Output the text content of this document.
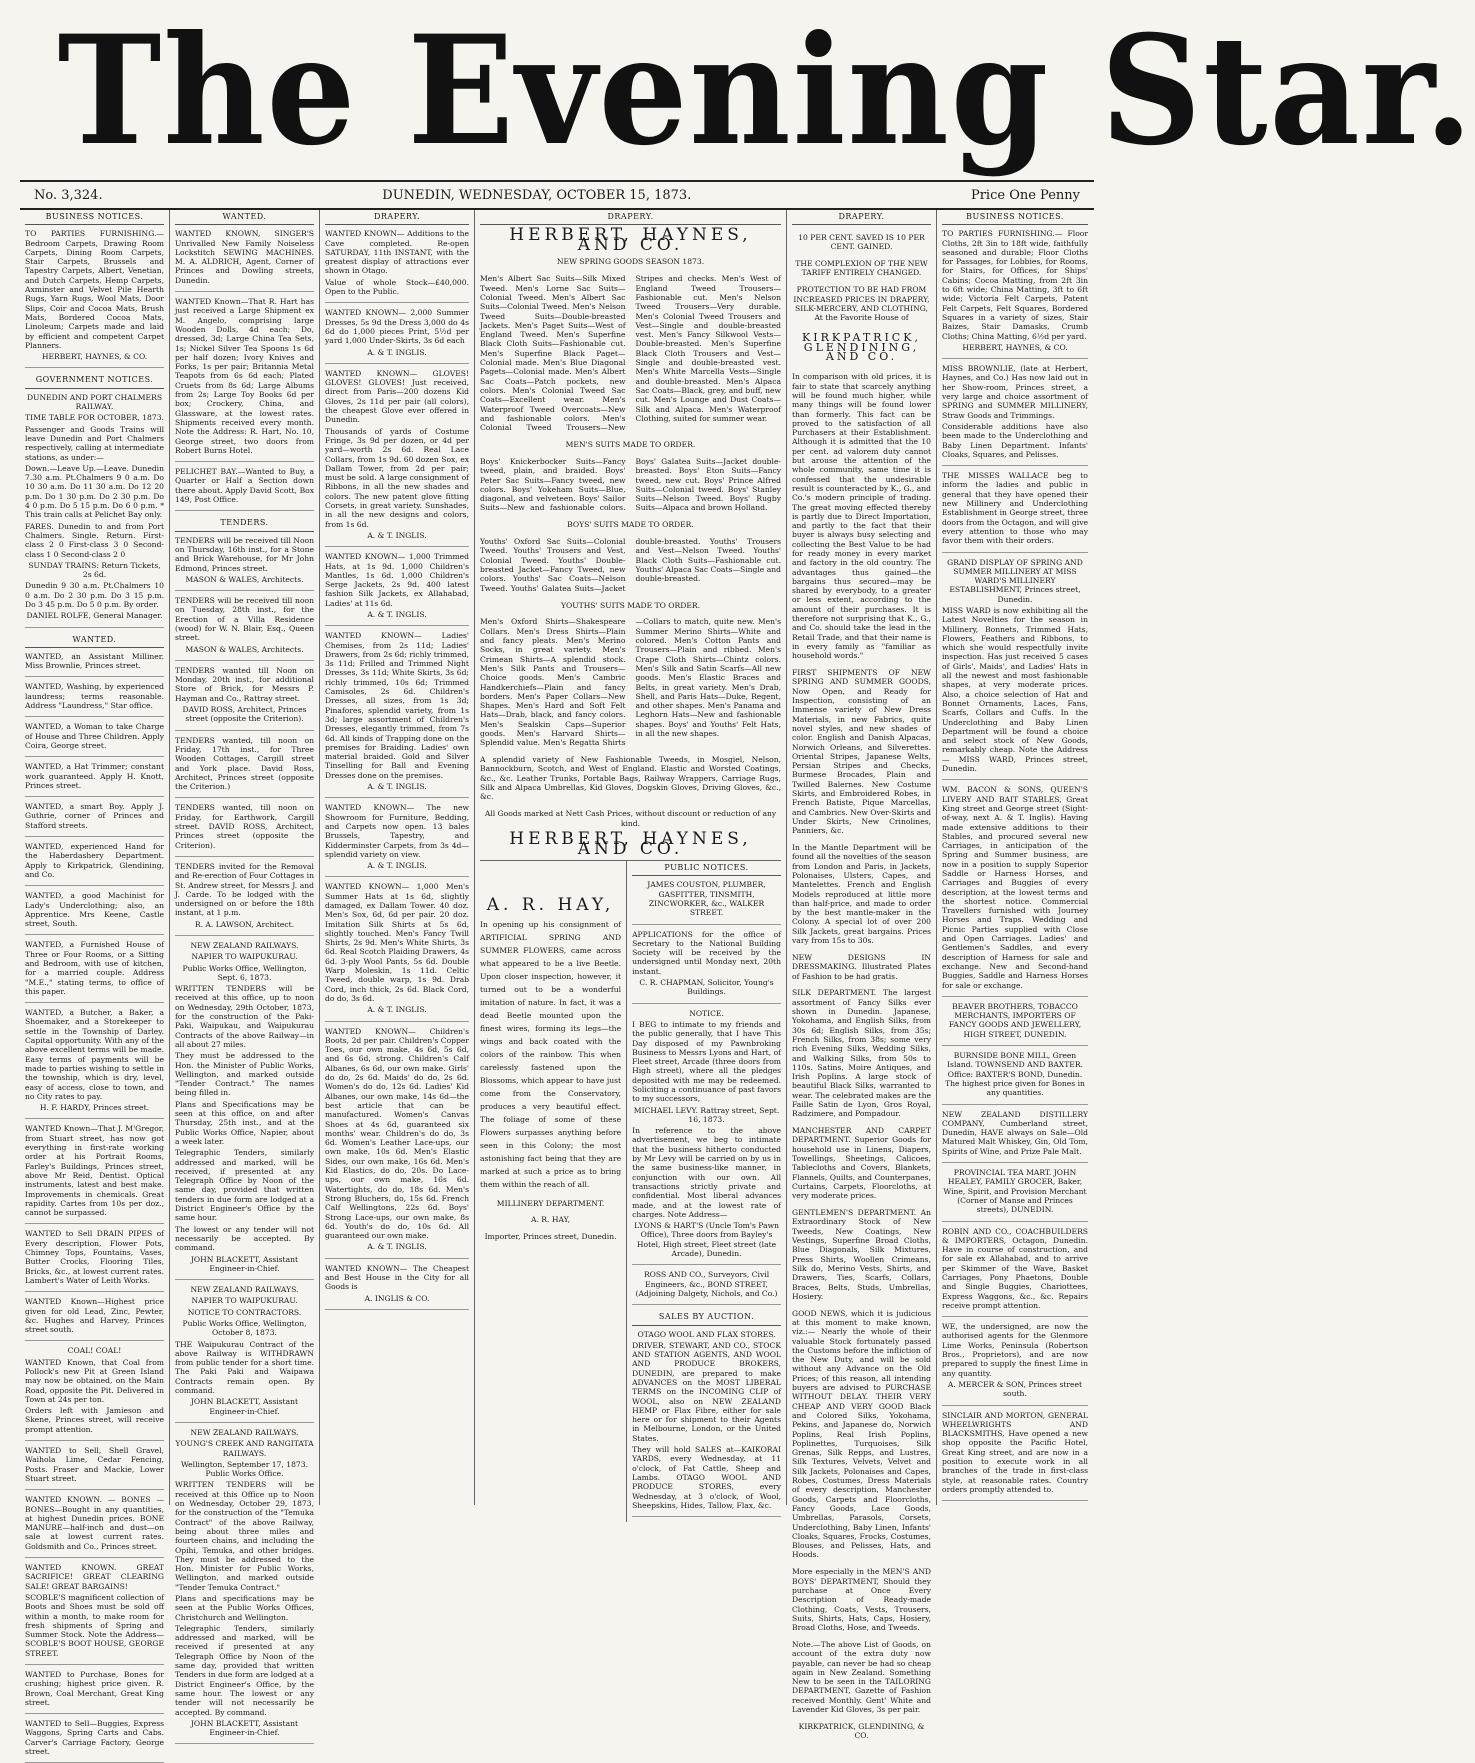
The Evening Star.
No. 3,324.	DUNEDIN, WEDNESDAY, OCTOBER 15, 1873.	Price One Penny
BUSINESS NOTICES.

TO PARTIES FURNISHING.— Bedroom Carpets, Drawing Room Carpets, Dining Room Carpets, Stair Carpets, Brussels and Tapestry Carpets, Albert, Venetian, and Dutch Carpets, Hemp Carpets, Axminster and Velvet Pile Hearth Rugs, Yarn Rugs, Wool Mats, Door Slips, Coir and Cocoa Mats, Brush Mats, Bordered Cocoa Mats, Linoleum; Carpets made and laid by efficient and competent Carpet Planners.

HERBERT, HAYNES, & CO.

GOVERNMENT NOTICES.

DUNEDIN AND PORT CHALMERS RAILWAY.

TIME TABLE FOR OCTOBER, 1873.

Passenger and Goods Trains will leave Dunedin and Port Chalmers respectively, calling at intermediate stations, as under:—

Down.—Leave Up.—Leave. Dunedin 7.30 a.m. Pt.Chalmers 9 0 a.m. Do 10 30 a.m. Do 11 30 a.m. Do 12 20 p.m. Do 1 30 p.m. Do 2 30 p.m. Do 4 0 p.m. Do 5 15 p.m. Do 6 0 p.m. * This train calls at Pelichet Bay only.

FARES. Dunedin to and from Port Chalmers. Single. Return. First-class 2 0 First-class 3 0 Second-class 1 0 Second-class 2 0

SUNDAY TRAINS: Return Tickets, 2s 6d.

Dunedin 9 30 a.m. Pt.Chalmers 10 0 a.m. Do 2 30 p.m. Do 3 15 p.m. Do 3 45 p.m. Do 5 0 p.m. By order.

DANIEL ROLFE, General Manager.

WANTED.

WANTED, an Assistant Milliner. Miss Brownlie, Princes street.

WANTED, Washing, by experienced laundress; terms reasonable. Address "Laundress," Star office.

WANTED, a Woman to take Charge of House and Three Children. Apply Coira, George street.

WANTED, a Hat Trimmer; constant work guaranteed. Apply H. Knott, Princes street.

WANTED, a smart Boy. Apply J. Guthrie, corner of Princes and Stafford streets.

WANTED, experienced Hand for the Haberdashery Department. Apply to Kirkpatrick, Glendining, and Co.

WANTED, a good Machinist for Lady's Underclothing; also, an Apprentice. Mrs Keene, Castle street, South.

WANTED, a Furnished House of Three or Four Rooms, or a Sitting and Bedroom, with use of kitchen, for a married couple. Address "M.E.," stating terms, to office of this paper.

WANTED, a Butcher, a Baker, a Shoemaker, and a Storekeeper to settle in the Township of Darley. Capital opportunity. With any of the above excellent terms will be made. Easy terms of payments will be made to parties wishing to settle in the township, which is dry, level, easy of access, close to town, and no City rates to pay.

H. F. HARDY, Princes street.

WANTED Known—That J. M'Gregor, from Stuart street, has now got everything in first-rate working order at his Portrait Rooms, Farley's Buildings, Princes street, above Mr Reid, Dentist. Optical instruments, latest and best make. Improvements in chemicals. Great rapidity. Cartes from 10s per doz., cannot be surpassed.

WANTED to Sell DRAIN PIPES of Every description, Flower Pots, Chimney Tops, Fountains, Vases, Butter Crocks, Flooring Tiles, Bricks, &c., at lowest current rates. Lambert's Water of Leith Works.

WANTED Known—Highest price given for old Lead, Zinc, Pewter, &c. Hughes and Harvey, Princes street south.

COAL! COAL!

WANTED Known, that Coal from Pollock's new Pit at Green Island may now be obtained, on the Main Road, opposite the Pit. Delivered in Town at 24s per ton.

Orders left with Jamieson and Skene, Princes street, will receive prompt attention.

WANTED to Sell, Shell Gravel, Waihola Lime, Cedar Fencing, Posts. Fraser and Mackie, Lower Stuart street.

WANTED KNOWN. — BONES — BONES—Bought in any quantities, at highest Dunedin prices. BONE MANURE—half-inch and dust—on sale at lowest current rates. Goldsmith and Co., Princes street.

WANTED KNOWN. GREAT SACRIFICE! GREAT CLEARING SALE! GREAT BARGAINS!

SCOBLE'S magnificent collection of Boots and Shoes must be sold off within a month, to make room for fresh shipments of Spring and Summer Stock. Note the Address— SCOBLE'S BOOT HOUSE, GEORGE STREET.

WANTED to Purchase, Bones for crushing; highest price given. R. Brown, Coal Merchant, Great King street.

WANTED to Sell—Buggies, Express Waggons, Spring Carts and Cabs. Carver's Carriage Factory, George street.

WANTED.

WANTED KNOWN, SINGER'S Unrivalled New Family Noiseless Lockstitch SEWING MACHINES. M. A. ALDRICH, Agent, Corner of Princes and Dowling streets, Dunedin.

WANTED Known—That R. Hart has just received a Large Shipment ex M. Angelo, comprising large Wooden Dolls, 4d each; Do, dressed, 3d; Large China Tea Sets, 1s; Nickel Silver Tea Spoons 1s 6d per half dozen; Ivory Knives and Forks, 1s per pair; Britannia Metal Teapots from 6s 6d each; Plated Cruets from 8s 6d; Large Albums from 2s; Large Toy Books 6d per box; Crockery, China, and Glassware, at the lowest rates. Shipments received every month. Note the Address: R. Hart, No. 10, George street, two doors from Robert Burns Hotel.

PELICHET BAY.—Wanted to Buy, a Quarter or Half a Section down there about. Apply David Scott, Box 149, Post Office.

TENDERS.

TENDERS will be received till Noon on Thursday, 16th inst., for a Stone and Brick Warehouse, for Mr John Edmond, Princes street.

MASON & WALES, Architects.

TENDERS will be received till noon on Tuesday, 28th inst., for the Erection of a Villa Residence (wood) for W. N. Blair, Esq., Queen street.

MASON & WALES, Architects.

TENDERS wanted till Noon on Monday, 20th inst., for additional Store of Brick, for Messrs P. Hayman and Co., Rattray street.

DAVID ROSS, Architect, Princes street (opposite the Criterion).

TENDERS wanted, till noon on Friday, 17th inst., for Three Wooden Cottages, Cargill street and York place. David Ross, Architect, Princes street (opposite the Criterion.)

TENDERS wanted, till noon on Friday, for Earthwork, Cargill street. DAVID ROSS, Architect, Princes street (opposite the Criterion).

TENDERS invited for the Removal and Re-erection of Four Cottages in St. Andrew street, for Messrs J. and J. Carde. To be lodged with the undersigned on or before the 18th instant, at 1 p.m.

R. A. LAWSON, Architect.

NEW ZEALAND RAILWAYS.

NAPIER TO WAIPUKURAU.

Public Works Office, Wellington, Sept. 6, 1873.

WRITTEN TENDERS will be received at this office, up to noon on Wednesday, 29th October, 1873, for the construction of the Paki-Paki, Waipukau, and Waipukurau Contracts of the above Railway—in all about 27 miles.

They must be addressed to the Hon. the Minister of Public Works, Wellington, and marked outside "Tender Contract." The names being filled in.

Plans and Specifications may be seen at this office, on and after Thursday, 25th inst., and at the Public Works Office, Napier, about a week later.

Telegraphic Tenders, similarly addressed and marked, will be received, if presented at any Telegraph Office by Noon of the same day, provided that written tenders in due form are lodged at a District Engineer's Office by the same hour.

The lowest or any tender will not necessarily be accepted. By command.

JOHN BLACKETT, Assistant Engineer-in-Chief.

NEW ZEALAND RAILWAYS.

NAPIER TO WAIPUKURAU.

NOTICE TO CONTRACTORS.

Public Works Office, Wellington, October 8, 1873.

THE Waipukurau Contract of the above Railway is WITHDRAWN from public tender for a short time. The Paki Paki and Waipawa Contracts remain open. By command.

JOHN BLACKETT, Assistant Engineer-in-Chief.

NEW ZEALAND RAILWAYS.

YOUNG'S CREEK AND RANGITATA RAILWAYS.

Wellington, September 17, 1873. Public Works Office.

WRITTEN TENDERS will be received at this Office up to Noon on Wednesday, October 29, 1873, for the construction of the "Temuka Contract" of the above Railway, being about three miles and fourteen chains, and including the Opihi, Temuka, and other bridges. They must be addressed to the Hon. Minister for Public Works, Wellington, and marked outside "Tender Temuka Contract."

Plans and specifications may be seen at the Public Works Offices, Christchurch and Wellington.

Telegraphic Tenders, similarly addressed and marked, will be received if presented at any Telegraph Office by Noon of the same day, provided that written Tenders in due form are lodged at a District Engineer's Office, by the same hour. The lowest or any tender will not necessarily be accepted. By command.

JOHN BLACKETT, Assistant Engineer-in-Chief.

DRAPERY.

WANTED KNOWN— Additions to the Cave completed. Re-open SATURDAY, 11th INSTANT, with the greatest display of attractions ever shown in Otago.

Value of whole Stock—£40,000. Open to the Public.

WANTED KNOWN— 2,000 Summer Dresses, 5s 9d the Dress 3,000 do 4s 6d do 1,000 pieces Print, 5½d per yard 1,000 Under-Skirts, 3s 6d each

A. & T. INGLIS.

WANTED KNOWN— GLOVES! GLOVES! GLOVES! Just received, direct from Paris—200 dozens Kid Gloves, 2s 11d per pair (all colors), the cheapest Glove ever offered in Dunedin.

Thousands of yards of Costume Fringe, 3s 9d per dozen, or 4d per yard—worth 2s 6d. Real Lace Collars, from 1s 9d. 60 dozen Sox, ex Dallam Tower, from 2d per pair; must be sold. A large consignment of Ribbons, in all the new shades and colors. The new patent glove fitting Corsets, in great variety. Sunshades, in all the new designs and colors, from 1s 6d.

A. & T. INGLIS.

WANTED KNOWN— 1,000 Trimmed Hats, at 1s 9d. 1,000 Children's Mantles, 1s 6d. 1,000 Children's Serge Jackets, 2s 9d. 400 latest fashion Silk Jackets, ex Allahabad, Ladies' at 11s 6d.

A. & T. INGLIS.

WANTED KNOWN— Ladies' Chemises, from 2s 11d; Ladies' Drawers, from 2s 6d; richly trimmed, 3s 11d; Frilled and Trimmed Night Dresses, 3s 11d; White Skirts, 3s 6d; richly trimmed, 10s 6d; Trimmed Camisoles, 2s 6d. Children's Dresses, all sizes, from 1s 3d; Pinafores, splendid variety, from 1s 3d; large assortment of Children's Dresses, elegantly trimmed, from 7s 6d. All kinds of Trapping done on the premises for Braiding. Ladies' own material braided. Gold and Silver Tinselling for Ball and Evening Dresses done on the premises.

A. & T. INGLIS.

WANTED KNOWN— The new Showroom for Furniture, Bedding, and Carpets now open. 13 bales Brussels, Tapestry, and Kidderminster Carpets, from 3s 4d—splendid variety on view.

A. & T. INGLIS.

WANTED KNOWN— 1,000 Men's Summer Hats at 1s 6d, slightly damaged, ex Dallam Tower. 40 doz. Men's Sox, 6d, 6d per pair. 20 doz. Imitation Silk Shirts at 5s 6d, slightly touched. Men's Fancy Twill Shirts, 2s 9d. Men's White Shirts, 3s 6d. Real Scotch Plaiding Drawers, 4s 6d. 3-ply Wool Pants, 5s 6d. Double Warp Moleskin, 1s 11d. Celtic Tweed, double warp, 1s 9d. Drab Cord, inch thick, 2s 6d. Black Cord, do do, 3s 6d.

A. & T. INGLIS.

WANTED KNOWN— Children's Boots, 2d per pair. Children's Copper Toes, our own make, 4s 6d, 5s 6d, and 6s 6d, strong. Children's Calf Albanes, 6s 6d, our own make. Girls' do do, 2s 6d. Maids' do do, 2s 6d. Women's do do, 12s 6d. Ladies' Kid Albanes, our own make, 14s 6d—the best article that can be manufactured. Women's Canvas Shoes at 4s 6d, guaranteed six months' wear. Children's do do, 3s 6d. Women's Leather Lace-ups, our own make, 10s 6d. Men's Elastic Sides, our own make, 16s 6d. Men's Kid Elastics, do do, 20s. Do Lace-ups, our own make, 16s 6d. Watertights, do do, 18s 6d. Men's Strong Bluchers, do, 15s 6d. French Calf Wellingtons, 22s 6d. Boys' Strong Lace-ups, our own make, 8s 6d. Youth's do do, 10s 6d. All guaranteed our own make.

A. & T. INGLIS.

WANTED KNOWN— The Cheapest and Best House in the City for all Goods is

A. INGLIS & CO.

DRAPERY.
HERBERT, HAYNES, AND CO.

NEW SPRING GOODS SEASON 1873.

Men's Albert Sac Suits—Silk Mixed Tweed. Men's Lorne Sac Suits—Colonial Tweed. Men's Albert Sac Suits—Colonial Tweed. Men's Nelson Tweed Suits—Double-breasted Jackets. Men's Paget Suits—West of England Tweed. Men's Superfine Black Cloth Suits—Fashionable cut. Men's Superfine Black Paget—Colonial made. Men's Blue Diagonal Pagets—Colonial made. Men's Albert Sac Coats—Patch pockets, new colors. Men's Colonial Tweed Sac Coats—Excellent wear. Men's Waterproof Tweed Overcoats—New and fashionable colors. Men's Colonial Tweed Trousers—New Stripes and checks. Men's West of England Tweed Trousers—Fashionable cut. Men's Nelson Tweed Trousers—Very durable. Men's Colonial Tweed Trousers and Vest—Single and double-breasted vest. Men's Fancy Silkwool Vests—Double-breasted. Men's Superfine Black Cloth Trousers and Vest—Single and double-breasted vest. Men's White Marcella Vests—Single and double-breasted. Men's Alpaca Sac Coats—Black, grey, and buff, new cut. Men's Lounge and Dust Coats—Silk and Alpaca. Men's Waterproof Clothing, suited for summer wear.

MEN'S SUITS MADE TO ORDER.

Boys' Knickerbocker Suits—Fancy tweed, plain, and braided. Boys' Peter Sac Suits—Fancy tweed, new colors. Boys' Yokeham Suits—Blue, diagonal, and velveteen. Boys' Sailor Suits—New and fashionable colors. Boys' Galatea Suits—Jacket double-breasted. Boys' Eton Suits—Fancy tweed, new cut. Boys' Prince Alfred Suits—Colonial tweed. Boys' Stanley Suits—Nelson Tweed. Boys' Rugby Suits—Alpaca and brown Holland.

BOYS' SUITS MADE TO ORDER.

Youths' Oxford Sac Suits—Colonial Tweed. Youths' Trousers and Vest, Colonial Tweed. Youths' Double-breasted Jacket—Fancy Tweed, new colors. Youths' Sac Coats—Nelson Tweed. Youths' Galatea Suits—Jacket double-breasted. Youths' Trousers and Vest—Nelson Tweed. Youths' Black Cloth Suits—Fashionable cut. Youths' Alpaca Sac Coats—Single and double-breasted.

YOUTHS' SUITS MADE TO ORDER.

Men's Oxford Shirts—Shakespeare Collars. Men's Dress Shirts—Plain and fancy pleats. Men's Merino Socks, in great variety. Men's Crimean Shirts—A splendid stock. Men's Silk Pants and Trousers—Choice goods. Men's Cambric Handkerchiefs—Plain and fancy borders. Men's Paper Collars—New Shapes. Men's Hard and Soft Felt Hats—Drab, black, and fancy colors. Men's Sealskin Caps—Superior goods. Men's Harvard Shirts—Splendid value. Men's Regatta Shirts—Collars to match, quite new. Men's Summer Merino Shirts—White and colored. Men's Cotton Pants and Trousers—Plain and ribbed. Men's Crape Cloth Shirts—Chintz colors. Men's Silk and Satin Scarfs—All new goods. Men's Elastic Braces and Belts, in great variety. Men's Drab, Shell, and Paris Hats—Duke, Regent, and other shapes. Men's Panama and Leghorn Hats—New and fashionable shapes. Boys' and Youths' Felt Hats, in all the new shapes.

A splendid variety of New Fashionable Tweeds, in Mosgiel, Nelson, Bannockburn, Scotch, and West of England. Elastic and Worsted Coatings, &c., &c. Leather Trunks, Portable Bags, Railway Wrappers, Carriage Rugs, Silk and Alpaca Umbrellas, Kid Gloves, Dogskin Gloves, Driving Gloves, &c., &c.

All Goods marked at Nett Cash Prices, without discount or reduction of any kind.

HERBERT, HAYNES, AND CO.
A. R. HAY,

In opening up his consignment of ARTIFICIAL SPRING AND SUMMER FLOWERS, came across what appeared to be a live Beetle. Upon closer inspection, however, it turned out to be a wonderful imitation of nature. In fact, it was a dead Beetle mounted upon the finest wires, forming its legs—the wings and back coated with the colors of the rainbow. This when carelessly fastened upon the Blossoms, which appear to have just come from the Conservatory, produces a very beautiful effect. The foliage of some of these Flowers surpasses anything before seen in this Colony; the most astonishing fact being that they are marked at such a price as to bring them within the reach of all.

MILLINERY DEPARTMENT.

A. R. HAY,

Importer, Princes street, Dunedin.

PUBLIC NOTICES.

JAMES COUSTON, PLUMBER, GASFITTER, TINSMITH, ZINCWORKER, &c., WALKER STREET.

APPLICATIONS for the office of Secretary to the National Building Society will be received by the undersigned until Monday next, 20th instant.

C. R. CHAPMAN, Solicitor, Young's Buildings.

NOTICE.

I BEG to intimate to my friends and the public generally, that I have This Day disposed of my Pawnbroking Business to Messrs Lyons and Hart, of Fleet street, Arcade (three doors from High street), where all the pledges deposited with me may be redeemed. Soliciting a continuance of past favors to my successors,

MICHAEL LEVY. Rattray street, Sept. 16, 1873.

In reference to the above advertisement, we beg to intimate that the business hitherto conducted by Mr Levy will be carried on by us in the same business-like manner, in conjunction with our own. All transactions strictly private and confidential. Most liberal advances made, and at the lowest rate of charges. Note Address—

LYONS & HART'S (Uncle Tom's Pawn Office), Three doors from Bayley's Hotel, High street, Fleet street (late Arcade), Dunedin.

ROSS AND CO., Surveyors, Civil Engineers, &c., BOND STREET, (Adjoining Dalgety, Nichols, and Co.)

SALES BY AUCTION.

OTAGO WOOL AND FLAX STORES.

DRIVER, STEWART, AND CO., STOCK AND STATION AGENTS, AND WOOL AND PRODUCE BROKERS, DUNEDIN, are prepared to make ADVANCES on the MOST LIBERAL TERMS on the INCOMING CLIP of WOOL, also on NEW ZEALAND HEMP or Flax Fibre, either for sale here or for shipment to their Agents in Melbourne, London, or the United States.

They will hold SALES at—KAIKORAI YARDS, every Wednesday, at 11 o'clock, of Fat Cattle, Sheep and Lambs. OTAGO WOOL AND PRODUCE STORES, every Wednesday, at 3 o'clock, of Wool, Sheepskins, Hides, Tallow, Flax, &c.

DRAPERY.

10 PER CENT. SAVED IS 10 PER CENT. GAINED.

THE COMPLEXION OF THE NEW TARIFF ENTIRELY CHANGED.

PROTECTION TO BE HAD FROM INCREASED PRICES IN DRAPERY, SILK-MERCERY, AND CLOTHING, At the Favorite House of

KIRKPATRICK, GLENDINING, AND CO.

In comparison with old prices, it is fair to state that scarcely anything will be found much higher, while many things will be found lower than formerly. This fact can be proved to the satisfaction of all Purchasers at their Establishment. Although it is admitted that the 10 per cent. ad valorem duty cannot but arouse the attention of the whole community, same time it is confessed that the undesirable result is counteracted by K., G., and Co.'s modern principle of trading. The great moving effected thereby is partly due to Direct Importation, and partly to the fact that their buyer is always busy selecting and collecting the Best Value to be had for ready money in every market and factory in the old country. The advantages thus gained—the bargains thus secured—may be shared by everybody, to a greater or less extent, according to the amount of their purchases. It is therefore not surprising that K., G., and Co. should take the lead in the Retail Trade, and that their name is in every family as "familiar as household words."

FIRST SHIPMENTS OF NEW SPRING AND SUMMER GOODS, Now Open, and Ready for Inspection, consisting of an Immense variety of New Dress Materials, in new Fabrics, quite novel styles, and new shades of color. English and Danish Alpacas, Norwich Orleans, and Silverettes. Oriental Stripes, Japanese Welts, Persian Stripes and Checks, Burmese Brocades, Plain and Twilled Balernes. New Costume Skirts, and Embroidered Robes, in French Batiste, Pique Marcellas, and Cambrics. New Over-Skirts and Under Skirts, New Crinolines, Panniers, &c.

In the Mantle Department will be found all the novelties of the season from London and Paris, in Jackets, Polonaises, Ulsters, Capes, and Mantelettes. French and English Models reproduced at little more than half-price, and made to order by the best mantle-maker in the Colony. A special lot of over 200 Silk Jackets, great bargains. Prices vary from 15s to 30s.

NEW DESIGNS IN DRESSMAKING. Illustrated Plates of Fashion to be had gratis.

SILK DEPARTMENT. The largest assortment of Fancy Silks ever shown in Dunedin. Japanese, Yokohama, and English Silks, from 30s 6d; English Silks, from 35s; French Silks, from 38s; some very rich Evening Silks, Wedding Silks, and Walking Silks, from 50s to 110s. Satins, Moire Antiques, and Irish Poplins. A large stock of beautiful Black Silks, warranted to wear. The celebrated makes are the Faille Satin de Lyon, Gros Royal, Radzimere, and Pompadour.

MANCHESTER AND CARPET DEPARTMENT. Superior Goods for household use in Linens, Diapers, Towellings, Sheetings, Calicoes, Tablecloths and Covers, Blankets, Flannels, Quilts, and Counterpanes, Curtains, Carpets, Floorcloths, at very moderate prices.

GENTLEMEN'S DEPARTMENT. An Extraordinary Stock of New Tweeds, New Coatings, New Vestings, Superfine Broad Cloths, Blue Diagonals, Silk Mixtures, Press Shirts, Woollen Crimeans, Silk do, Merino Vests, Shirts, and Drawers, Ties, Scarfs, Collars, Braces, Belts, Studs, Umbrellas, Hosiery.

GOOD NEWS, which it is judicious at this moment to make known, viz.:— Nearly the whole of their valuable Stock fortunately passed the Customs before the infliction of the New Duty, and will be sold without any Advance on the Old Prices; of this reason, all intending buyers are advised to PURCHASE WITHOUT DELAY. THEIR VERY CHEAP AND VERY GOOD Black and Colored Silks, Yokohama, Pekins, and Japanese do, Norwich Poplins, Real Irish Poplins, Poplinettes, Turquoises, Silk Grenas, Silk Repps, and Lustres, Silk Textures, Velvets, Velvet and Silk Jackets, Polonaises and Capes, Robes, Costumes, Dress Materials of every description, Manchester Goods, Carpets and Floorcloths, Fancy Goods, Lace Goods, Umbrellas, Parasols, Corsets, Underclothing, Baby Linen, Infants' Cloaks, Squares, Frocks, Costumes, Blouses, and Pelisses, Hats, and Hoods.

More especially in the MEN'S AND BOYS' DEPARTMENT, Should they purchase at Once Every Description of Ready-made Clothing, Coats, Vests, Trousers, Suits, Shirts, Hats, Caps, Hosiery, Broad Cloths, Hose, and Tweeds.

Note.—The above List of Goods, on account of the extra duty now payable, can never be had so cheap again in New Zealand. Something New to be seen in the TAILORING DEPARTMENT, Gazette of Fashion received Monthly. Gent' White and Lavender Kid Gloves, 3s per pair.

KIRKPATRICK, GLENDINING, & CO.

BUSINESS NOTICES.

TO PARTIES FURNISHING.— Floor Cloths, 2ft 3in to 18ft wide, faithfully seasoned and durable; Floor Cloths for Passages, for Lobbies, for Rooms, for Stairs, for Offices, for Ships' Cabins; Cocoa Matting, from 2ft 3in to 6ft wide; China Matting, 3ft to 6ft wide; Victoria Felt Carpets, Patent Felt Carpets, Felt Squares, Bordered Squares in a variety of sizes, Stair Baizes, Stair Damasks, Crumb Cloths; China Matting, 6½d per yard.

HERBERT, HAYNES, & CO.

MISS BROWNLIE, (late at Herbert, Haynes, and Co.) Has now laid out in her Show-room, Princes street, a very large and choice assortment of SPRING and SUMMER MILLINERY, Straw Goods and Trimmings.

Considerable additions have also been made to the Underclothing and Baby Linen Department. Infants' Cloaks, Squares, and Pelisses.

THE MISSES WALLACE beg to inform the ladies and public in general that they have opened their new Millinery and Underclothing Establishment in George street, three doors from the Octagon, and will give every attention to those who may favor them with their orders.

GRAND DISPLAY OF SPRING AND SUMMER MILLINERY AT MISS WARD'S MILLINERY ESTABLISHMENT, Princes street, Dunedin.

MISS WARD is now exhibiting all the Latest Novelties for the season in Millinery, Bonnets, Trimmed Hats, Flowers, Feathers and Ribbons, to which she would respectfully invite inspection. Has just received 5 cases of Girls', Maids', and Ladies' Hats in all the newest and most fashionable shapes, at very moderate prices. Also, a choice selection of Hat and Bonnet Ornaments, Laces, Fans, Scarfs, Collars and Cuffs. In the Underclothing and Baby Linen Department will be found a choice and select stock of New Goods, remarkably cheap. Note the Address— MISS WARD, Princes street, Dunedin.

WM. BACON & SONS, QUEEN'S LIVERY AND BAIT STABLES, Great King street and George street (Sight-of-way, next A. & T. Inglis). Having made extensive additions to their Stables, and procured several new Carriages, in anticipation of the Spring and Summer business, are now in a position to supply Superior Saddle or Harness Horses, and Carriages and Buggies of every description, at the lowest terms and the shortest notice. Commercial Travellers furnished with Journey Horses and Traps. Wedding and Picnic Parties supplied with Close and Open Carriages. Ladies' and Gentlemen's Saddles, and every description of Harness for sale and exchange. New and Second-hand Buggies, Saddle and Harness Horses for sale or exchange.

BEAVER BROTHERS, TOBACCO MERCHANTS, IMPORTERS OF FANCY GOODS AND JEWELLERY, HIGH STREET, DUNEDIN.

BURNSIDE BONE MILL, Green Island. TOWNSEND AND BAXTER. Office: BAXTER'S BOND, Dunedin. The highest price given for Bones in any quantities.

NEW ZEALAND DISTILLERY COMPANY, Cumberland street, Dunedin, HAVE always on Sale—Old Matured Malt Whiskey, Gin, Old Tom, Spirits of Wine, and Prize Pale Malt.

PROVINCIAL TEA MART. JOHN HEALEY, FAMILY GROCER, Baker, Wine, Spirit, and Provision Merchant (Corner of Manse and Princes streets), DUNEDIN.

ROBIN AND CO., COACHBUILDERS & IMPORTERS, Octagon, Dunedin. Have in course of construction, and for sale ex Allahabad, and to arrive per Skimmer of the Wave, Basket Carriages, Pony Phaetons, Double and Single Buggies, Chariottees, Express Waggons, &c., &c. Repairs receive prompt attention.

WE, the undersigned, are now the authorised agents for the Glenmore Lime Works, Peninsula (Robertson Bros., Proprietors), and are now prepared to supply the finest Lime in any quantity.

A. MERCER & SON, Princes street south.

SINCLAIR AND MORTON, GENERAL WHEELWRIGHTS AND BLACKSMITHS, Have opened a new shop opposite the Pacific Hotel, Great King street, and are now in a position to execute work in all branches of the trade in first-class style, at reasonable rates. Country orders promptly attended to.
